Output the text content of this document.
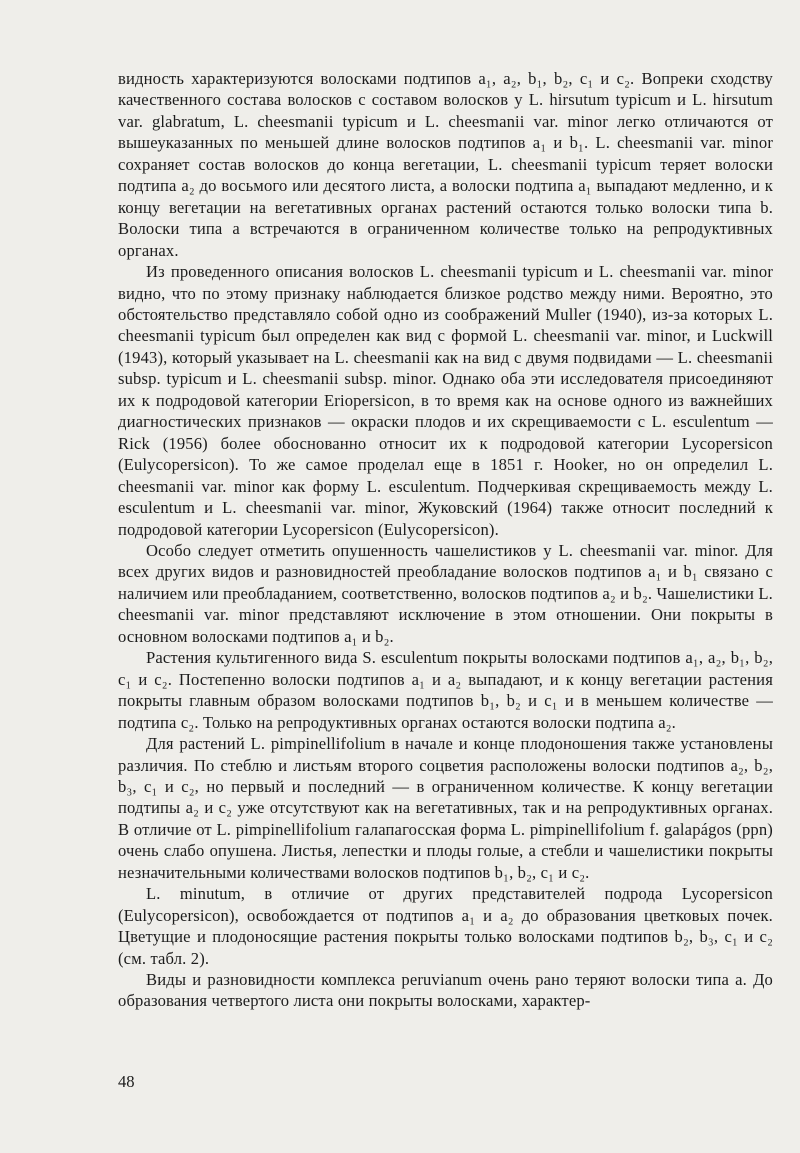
видность характеризуются волосками подтипов a₁, a₂, b₁, b₂, c₁ и c₂. Вопреки сходству качественного состава волосков с составом волосков у L. hirsutum typicum и L. hirsutum var. glabratum, L. cheesmanii typicum и L. cheesmanii var. minor легко отличаются от вышеуказанных по меньшей длине волосков подтипов a₁ и b₁. L. cheesmanii var. minor сохраняет состав волосков до конца вегетации, L. cheesmanii typicum теряет волоски подтипа a₂ до восьмого или десятого листа, а волоски подтипа a₁ выпадают медленно, и к концу вегетации на вегетативных органах растений остаются только волоски типа b. Волоски типа a встречаются в ограниченном количестве только на репродуктивных органах.

Из проведенного описания волосков L. cheesmanii typicum и L. cheesmanii var. minor видно, что по этому признаку наблюдается близкое родство между ними. Вероятно, это обстоятельство представляло собой одно из соображений Muller (1940), из-за которых L. cheesmanii typicum был определен как вид с формой L. cheesmanii var. minor, и Luckwill (1943), который указывает на L. cheesmanii как на вид с двумя подвидами — L. cheesmanii subsp. typicum и L. cheesmanii subsp. minor. Однако оба эти исследователя присоединяют их к подродовой категории Eriopersicon, в то время как на основе одного из важнейших диагностических признаков — окраски плодов и их скрещиваемости с L. esculentum — Rick (1956) более обоснованно относит их к подродовой категории Lycopersicon (Eulycopersicon). То же самое проделал еще в 1851 г. Hooker, но он определил L. cheesmanii var. minor как форму L. esculentum. Подчеркивая скрещиваемость между L. esculentum и L. cheesmanii var. minor, Жуковский (1964) также относит последний к подродовой категории Lycopersicon (Eulycopersicon).

Особо следует отметить опушенность чашелистиков у L. cheesmanii var. minor. Для всех других видов и разновидностей преобладание волосков подтипов a₁ и b₁ связано с наличием или преобладанием, соответственно, волосков подтипов a₂ и b₂. Чашелистики L. cheesmanii var. minor представляют исключение в этом отношении. Они покрыты в основном волосками подтипов a₁ и b₂.

Растения культигенного вида S. esculentum покрыты волосками подтипов a₁, a₂, b₁, b₂, c₁ и c₂. Постепенно волоски подтипов a₁ и a₂ выпадают, и к концу вегетации растения покрыты главным образом волосками подтипов b₁, b₂ и c₁ и в меньшем количестве — подтипа c₂. Только на репродуктивных органах остаются волоски подтипа a₂.

Для растений L. pimpinellifolium в начале и конце плодоношения также установлены различия. По стеблю и листьям второго соцветия расположены волоски подтипов a₂, b₂, b₃, c₁ и c₂, но первый и последний — в ограниченном количестве. К концу вегетации подтипы a₂ и c₂ уже отсутствуют как на вегетативных, так и на репродуктивных органах. В отличие от L. pimpinellifolium галапагосская форма L. pimpinellifolium f. galapágos (ppn) очень слабо опушена. Листья, лепестки и плоды голые, а стебли и чашелистики покрыты незначительными количествами волосков подтипов b₁, b₂, c₁ и c₂.

L. minutum, в отличие от других представителей подрода Lycopersicon (Eulycopersicon), освобождается от подтипов a₁ и a₂ до образования цветковых почек. Цветущие и плодоносящие растения покрыты только волосками подтипов b₂, b₃, c₁ и c₂ (см. табл. 2).

Виды и разновидности комплекса peruvianum очень рано теряют волоски типа a. До образования четвертого листа они покрыты волосками, характер-

48
